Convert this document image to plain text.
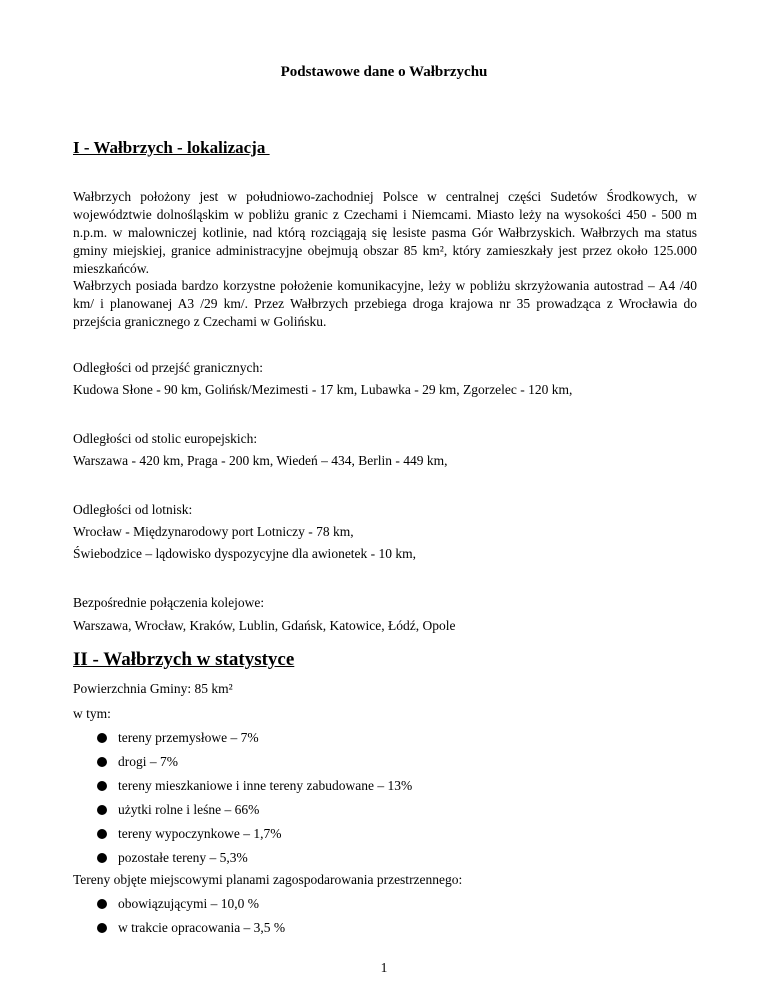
Podstawowe dane o Wałbrzychu
I - Wałbrzych - lokalizacja
Wałbrzych położony jest w południowo-zachodniej Polsce w centralnej części Sudetów Środkowych, w województwie dolnośląskim w pobliżu granic z Czechami i Niemcami. Miasto leży na wysokości 450 - 500 m n.p.m. w malowniczej kotlinie, nad którą rozciągają się lesiste pasma Gór Wałbrzyskich. Wałbrzych ma status gminy miejskiej, granice administracyjne obejmują obszar 85 km², który zamieszkały jest przez około 125.000 mieszkańców.
Wałbrzych posiada bardzo korzystne położenie komunikacyjne, leży w pobliżu skrzyżowania autostrad – A4 /40 km/ i planowanej A3 /29 km/. Przez Wałbrzych przebiega droga krajowa nr 35 prowadząca z Wrocławia do przejścia granicznego z Czechami w Golińsku.
Odległości od przejść granicznych:
Kudowa Słone - 90 km, Golińsk/Mezimesti - 17 km, Lubawka - 29 km, Zgorzelec - 120 km,
Odległości od stolic europejskich:
Warszawa - 420 km, Praga - 200 km, Wiedeń – 434, Berlin - 449 km,
Odległości od lotnisk:
Wrocław - Międzynarodowy port Lotniczy - 78 km,
Świebodzice – lądowisko dyspozycyjne dla awionetek - 10 km,
Bezpośrednie połączenia kolejowe:
Warszawa, Wrocław, Kraków, Lublin, Gdańsk, Katowice, Łódź, Opole
II - Wałbrzych w statystyce
Powierzchnia Gminy: 85 km²
w tym:
tereny przemysłowe – 7%
drogi – 7%
tereny mieszkaniowe i inne tereny zabudowane – 13%
użytki rolne i leśne – 66%
tereny wypoczynkowe – 1,7%
pozostałe tereny – 5,3%
Tereny objęte miejscowymi planami zagospodarowania przestrzennego:
obowiązującymi – 10,0 %
w trakcie opracowania – 3,5 %
1
